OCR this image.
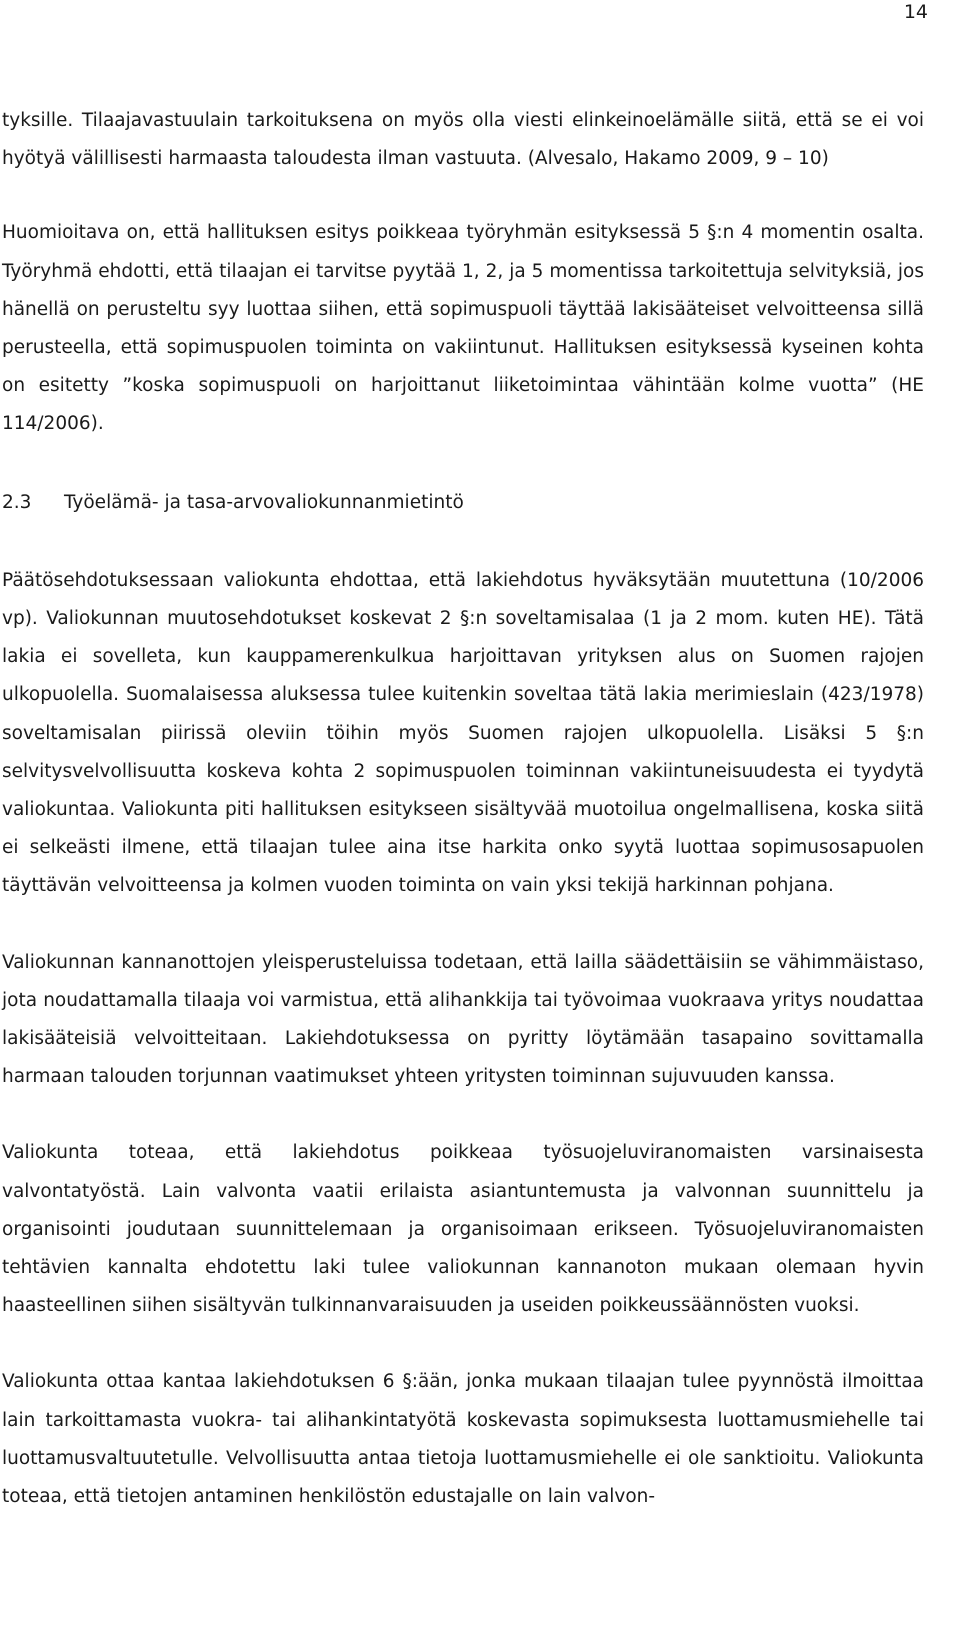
14

tyksille. Tilaajavastuulain tarkoituksena on myös olla viesti elinkeinoelämälle siitä, että se ei voi hyötyä välillisesti harmaasta taloudesta ilman vastuuta. (Alvesalo, Hakamo 2009, 9 – 10)

Huomioitava on, että hallituksen esitys poikkeaa työryhmän esityksessä 5 §:n 4 momentin osalta. Työryhmä ehdotti, että tilaajan ei tarvitse pyytää 1, 2, ja 5 momentissa tarkoitettuja selvityksiä, jos hänellä on perusteltu syy luottaa siihen, että sopimuspuoli täyttää lakisääteiset velvoitteensa sillä perusteella, että sopimuspuolen toiminta on vakiintunut. Hallituksen esityksessä kyseinen kohta on esitetty ”koska sopimuspuoli on harjoittanut liiketoimintaa vähintään kolme vuotta” (HE 114/2006).

2.3	Työelämä- ja tasa-arvovaliokunnanmietintö

Päätösehdotuksessaan valiokunta ehdottaa, että lakiehdotus hyväksytään muutettuna (10/2006 vp). Valiokunnan muutosehdotukset koskevat 2 §:n soveltamisalaa (1 ja 2 mom. kuten HE). Tätä lakia ei sovelleta, kun kauppamerenkulkua harjoittavan yrityksen alus on Suomen rajojen ulkopuolella. Suomalaisessa aluksessa tulee kuitenkin soveltaa tätä lakia merimieslain (423/1978) soveltamisalan piirissä oleviin töihin myös Suomen rajojen ulkopuolella. Lisäksi 5 §:n selvitysvelvollisuutta koskeva kohta 2 sopimuspuolen toiminnan vakiintuneisuudesta ei tyydytä valiokuntaa. Valiokunta piti hallituksen esitykseen sisältyvää muotoilua ongelmallisena, koska siitä ei selkeästi ilmene, että tilaajan tulee aina itse harkita onko syytä luottaa sopimusosapuolen täyttävän velvoitteensa ja kolmen vuoden toiminta on vain yksi tekijä harkinnan pohjana.

Valiokunnan kannanottojen yleisperusteluissa todetaan, että lailla säädettäisiin se vähimmäistaso, jota noudattamalla tilaaja voi varmistua, että alihankkija tai työvoimaa vuokraava yritys noudattaa lakisääteisiä velvoitteitaan. Lakiehdotuksessa on pyritty löytämään tasapaino sovittamalla harmaan talouden torjunnan vaatimukset yhteen yritysten toiminnan sujuvuuden kanssa.

Valiokunta toteaa, että lakiehdotus poikkeaa työsuojeluviranomaisten varsinaisesta valvontatyöstä. Lain valvonta vaatii erilaista asiantuntemusta ja valvonnan suunnittelu ja organisointi joudutaan suunnittelemaan ja organisoimaan erikseen. Työsuojeluviranomaisten tehtävien kannalta ehdotettu laki tulee valiokunnan kannanoton mukaan olemaan hyvin haasteellinen siihen sisältyvän tulkinnanvaraisuuden ja useiden poikkeussäännösten vuoksi.

Valiokunta ottaa kantaa lakiehdotuksen 6 §:ään, jonka mukaan tilaajan tulee pyynnöstä ilmoittaa lain tarkoittamasta vuokra- tai alihankintatyötä koskevasta sopimuksesta luottamusmiehelle tai luottamusvaltuutetulle. Velvollisuutta antaa tietoja luottamusmiehelle ei ole sanktioitu. Valiokunta toteaa, että tietojen antaminen henkilöstön edustajalle on lain valvon-
